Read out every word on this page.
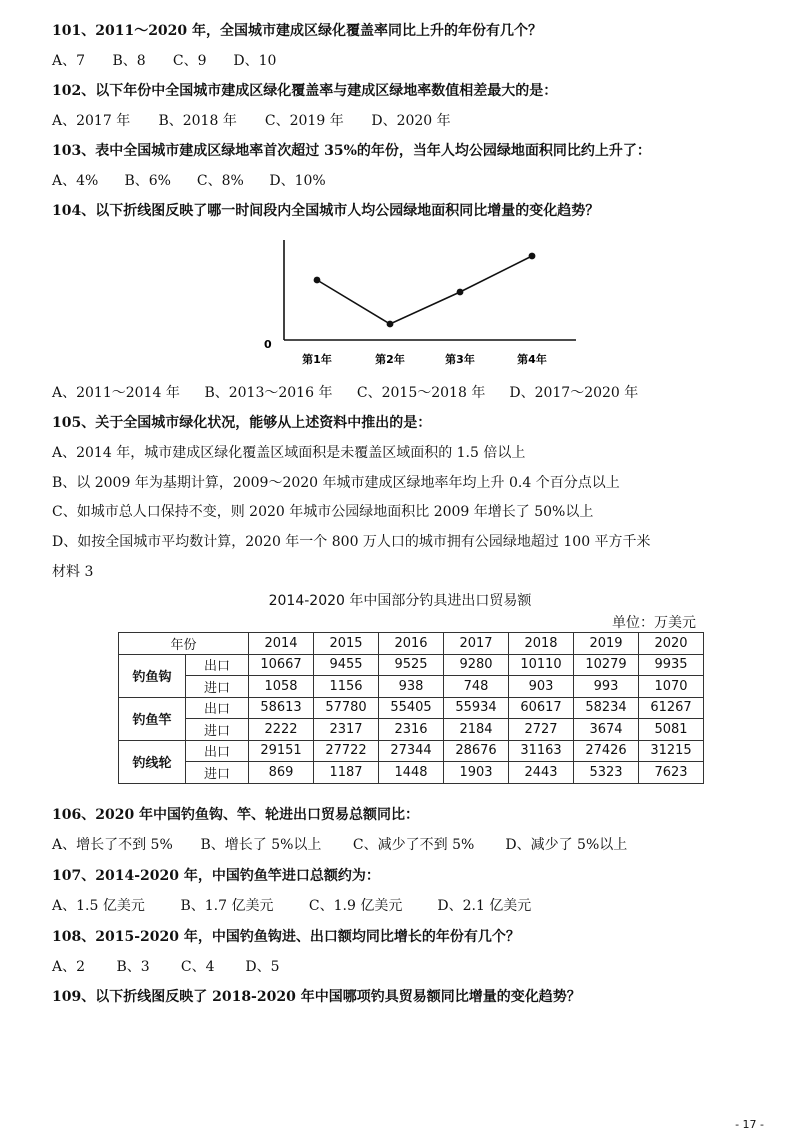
101、2011～2020 年，全国城市建成区绿化覆盖率同比上升的年份有几个？
A、7 B、8 C、9 D、10
102、以下年份中全国城市建成区绿化覆盖率与建成区绿地率数值相差最大的是：
A、2017 年 B、2018 年 C、2019 年 D、2020 年
103、表中全国城市建成区绿地率首次超过 35%的年份，当年人均公园绿地面积同比约上升了：
A、4% B、6% C、8% D、10%
104、以下折线图反映了哪一时间段内全国城市人均公园绿地面积同比增量的变化趋势？
0
第1年	第2年	第3年	第4年
A、2011～2014 年 B、2013～2016 年 C、2015～2018 年 D、2017～2020 年
105、关于全国城市绿化状况，能够从上述资料中推出的是：
A、2014 年，城市建成区绿化覆盖区域面积是未覆盖区域面积的 1.5 倍以上
B、以 2009 年为基期计算，2009～2020 年城市建成区绿地率年均上升 0.4 个百分点以上
C、如城市总人口保持不变，则 2020 年城市公园绿地面积比 2009 年增长了 50%以上
D、如按全国城市平均数计算，2020 年一个 800 万人口的城市拥有公园绿地超过 100 平方千米
材料 3
2014-2020 年中国部分钓具进出口贸易额
单位：万美元
年份		2014	2015	2016	2017	2018	2019	2020
钓鱼钩	出口	10667	9455	9525	9280	10110	10279	9935
	进口	1058	1156	938	748	903	993	1070
钓鱼竿	出口	58613	57780	55405	55934	60617	58234	61267
	进口	2222	2317	2316	2184	2727	3674	5081
钓线轮	出口	29151	27722	27344	28676	31163	27426	31215
	进口	869	1187	1448	1903	2443	5323	7623
106、2020 年中国钓鱼钩、竿、轮进出口贸易总额同比：
A、增长了不到 5% B、增长了 5%以上 C、减少了不到 5% D、减少了 5%以上
107、2014-2020 年，中国钓鱼竿进口总额约为：
A、1.5 亿美元	B、1.7 亿美元	C、1.9 亿美元	D、2.1 亿美元
108、2015-2020 年，中国钓鱼钩进、出口额均同比增长的年份有几个？
A、2 B、3 C、4 D、5
109、以下折线图反映了 2018-2020 年中国哪项钓具贸易额同比增量的变化趋势？
- 17 -
